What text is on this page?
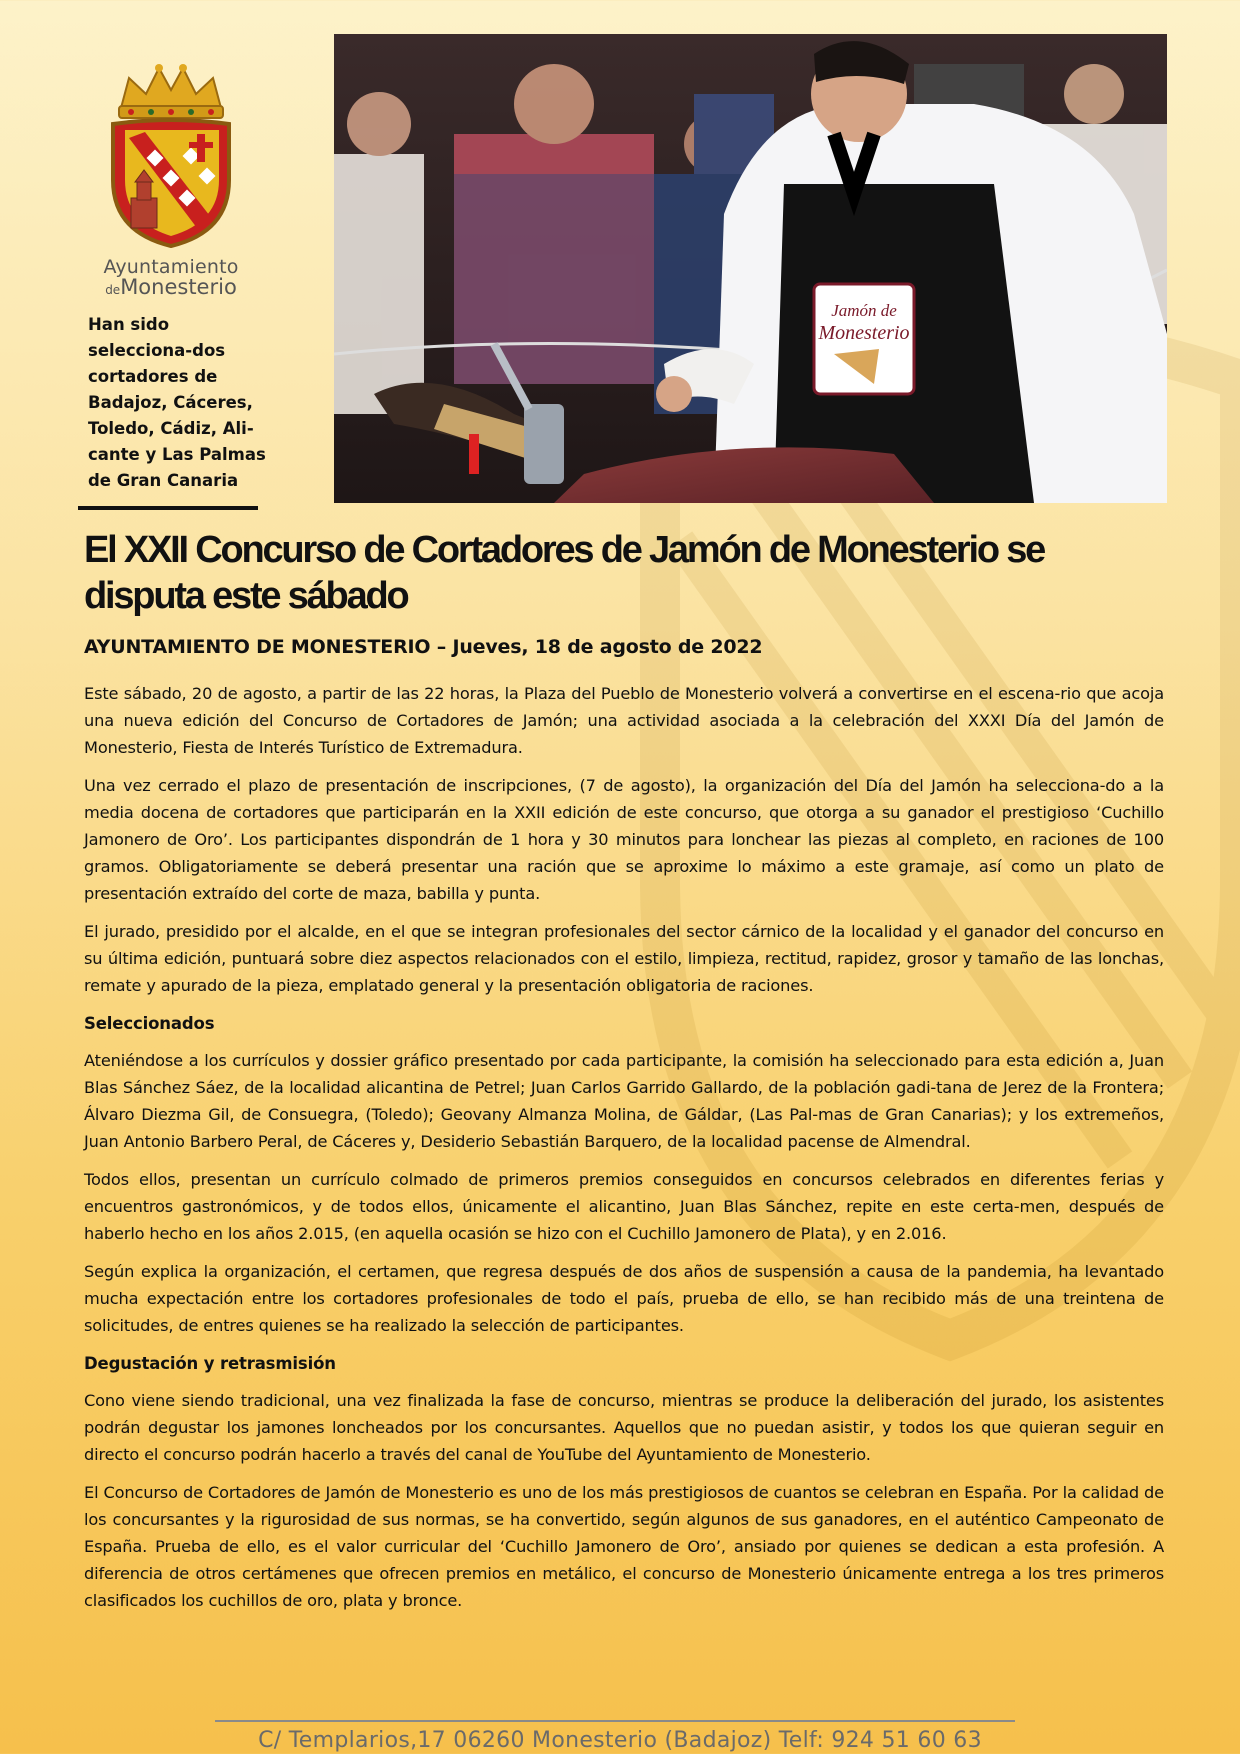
Ayuntamiento
deMonesterio
Han sido selecciona-dos cortadores de Badajoz, Cáceres, Toledo, Cádiz, Ali-cante y Las Palmas de Gran Canaria
Jamón de
Monesterio
El XXII Concurso de Cortadores de Jamón de Monesterio se disputa este sábado
AYUNTAMIENTO DE MONESTERIO – Jueves, 18 de agosto de 2022

Este sábado, 20 de agosto, a partir de las 22 horas, la Plaza del Pueblo de Monesterio volverá a convertirse en el escena-rio que acoja una nueva edición del Concurso de Cortadores de Jamón; una actividad asociada a la celebración del XXXI Día del Jamón de Monesterio, Fiesta de Interés Turístico de Extremadura.

Una vez cerrado el plazo de presentación de inscripciones, (7 de agosto), la organización del Día del Jamón ha selecciona-do a la media docena de cortadores que participarán en la XXII edición de este concurso, que otorga a su ganador el prestigioso ‘Cuchillo Jamonero de Oro’. Los participantes dispondrán de 1 hora y 30 minutos para lonchear las piezas al completo, en raciones de 100 gramos. Obligatoriamente se deberá presentar una ración que se aproxime lo máximo a este gramaje, así como un plato de presentación extraído del corte de maza, babilla y punta.

El jurado, presidido por el alcalde, en el que se integran profesionales del sector cárnico de la localidad y el ganador del concurso en su última edición, puntuará sobre diez aspectos relacionados con el estilo, limpieza, rectitud, rapidez, grosor y tamaño de las lonchas, remate y apurado de la pieza, emplatado general y la presentación obligatoria de raciones.

Seleccionados

Ateniéndose a los currículos y dossier gráfico presentado por cada participante, la comisión ha seleccionado para esta edición a, Juan Blas Sánchez Sáez, de la localidad alicantina de Petrel; Juan Carlos Garrido Gallardo, de la población gadi-tana de Jerez de la Frontera; Álvaro Diezma Gil, de Consuegra, (Toledo); Geovany Almanza Molina, de Gáldar, (Las Pal-mas de Gran Canarias); y los extremeños, Juan Antonio Barbero Peral, de Cáceres y, Desiderio Sebastián Barquero, de la localidad pacense de Almendral.

Todos ellos, presentan un currículo colmado de primeros premios conseguidos en concursos celebrados en diferentes ferias y encuentros gastronómicos, y de todos ellos, únicamente el alicantino, Juan Blas Sánchez, repite en este certa-men, después de haberlo hecho en los años 2.015, (en aquella ocasión se hizo con el Cuchillo Jamonero de Plata), y en 2.016.

Según explica la organización, el certamen, que regresa después de dos años de suspensión a causa de la pandemia, ha levantado mucha expectación entre los cortadores profesionales de todo el país, prueba de ello, se han recibido más de una treintena de solicitudes, de entres quienes se ha realizado la selección de participantes.

Degustación y retrasmisión

Cono viene siendo tradicional, una vez finalizada la fase de concurso, mientras se produce la deliberación del jurado, los asistentes podrán degustar los jamones loncheados por los concursantes. Aquellos que no puedan asistir, y todos los que quieran seguir en directo el concurso podrán hacerlo a través del canal de YouTube del Ayuntamiento de Monesterio.

El Concurso de Cortadores de Jamón de Monesterio es uno de los más prestigiosos de cuantos se celebran en España. Por la calidad de los concursantes y la rigurosidad de sus normas, se ha convertido, según algunos de sus ganadores, en el auténtico Campeonato de España. Prueba de ello, es el valor curricular del ‘Cuchillo Jamonero de Oro’, ansiado por quienes se dedican a esta profesión. A diferencia de otros certámenes que ofrecen premios en metálico, el concurso de Monesterio únicamente entrega a los tres primeros clasificados los cuchillos de oro, plata y bronce.

C/ Templarios,17 06260 Monesterio (Badajoz) Telf: 924 51 60 63
